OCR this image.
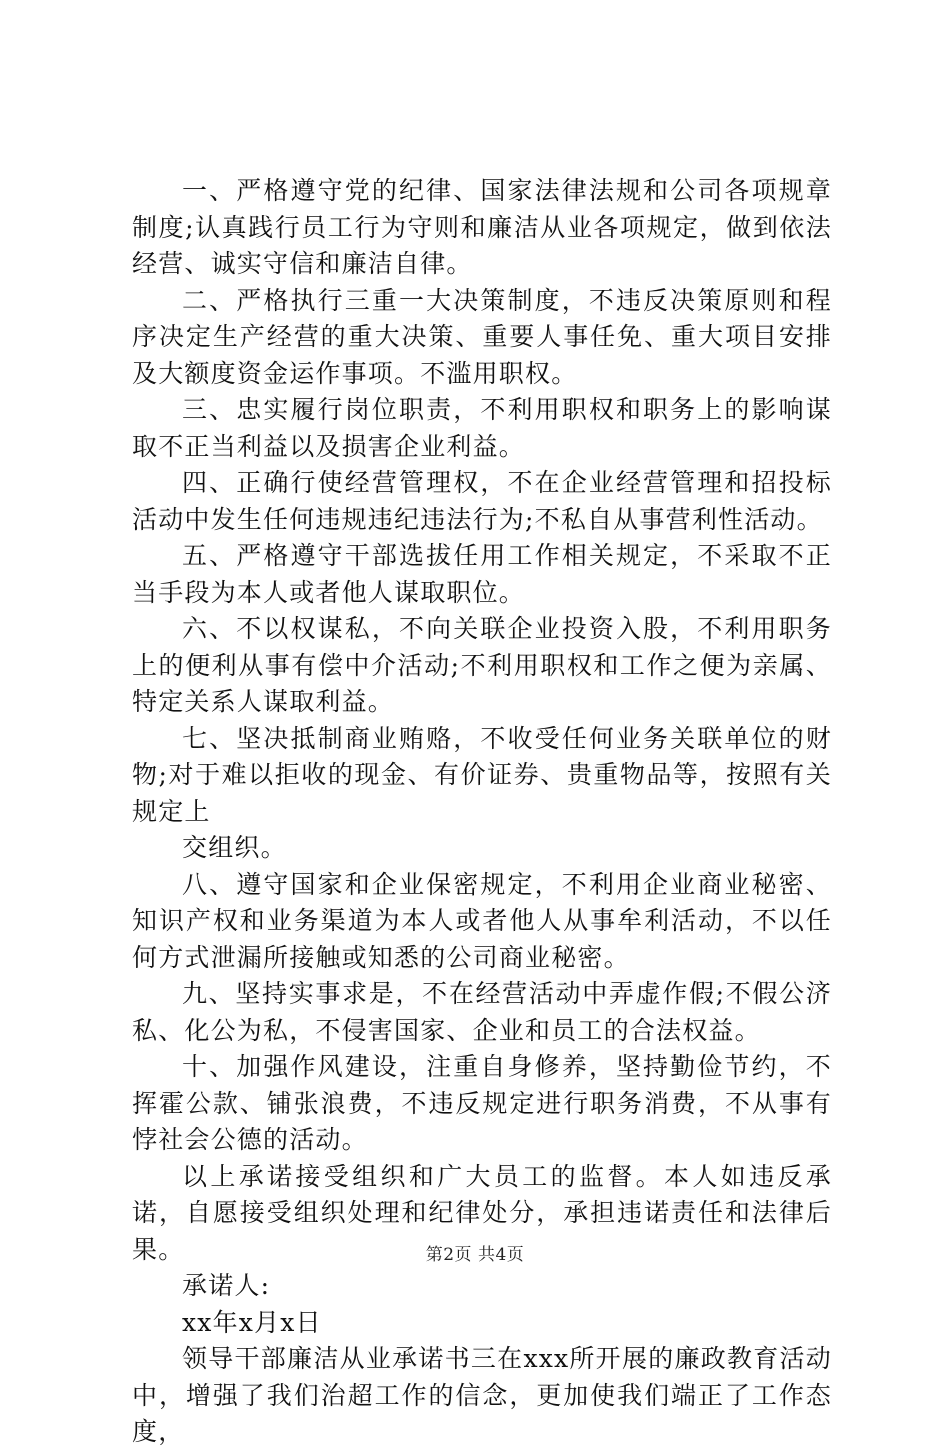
一、严格遵守党的纪律、国家法律法规和公司各项规章制度;认真践行员工行为守则和廉洁从业各项规定，做到依法经营、诚实守信和廉洁自律。

二、严格执行三重一大决策制度，不违反决策原则和程序决定生产经营的重大决策、重要人事任免、重大项目安排及大额度资金运作事项。不滥用职权。

三、忠实履行岗位职责，不利用职权和职务上的影响谋取不正当利益以及损害企业利益。

四、正确行使经营管理权，不在企业经营管理和招投标活动中发生任何违规违纪违法行为;不私自从事营利性活动。

五、严格遵守干部选拔任用工作相关规定，不采取不正当手段为本人或者他人谋取职位。

六、不以权谋私，不向关联企业投资入股，不利用职务上的便利从事有偿中介活动;不利用职权和工作之便为亲属、特定关系人谋取利益。

七、坚决抵制商业贿赂，不收受任何业务关联单位的财物;对于难以拒收的现金、有价证券、贵重物品等，按照有关规定上

交组织。

八、遵守国家和企业保密规定，不利用企业商业秘密、知识产权和业务渠道为本人或者他人从事牟利活动，不以任何方式泄漏所接触或知悉的公司商业秘密。

九、坚持实事求是，不在经营活动中弄虚作假;不假公济私、化公为私，不侵害国家、企业和员工的合法权益。

十、加强作风建设，注重自身修养，坚持勤俭节约，不挥霍公款、铺张浪费，不违反规定进行职务消费，不从事有悖社会公德的活动。

以上承诺接受组织和广大员工的监督。本人如违反承诺，自愿接受组织处理和纪律处分，承担违诺责任和法律后果。

承诺人:

xx年x月x日

领导干部廉洁从业承诺书三在xxx所开展的廉政教育活动中，增强了我们治超工作的信念，更加使我们端正了工作态度，

第2页 共4页
